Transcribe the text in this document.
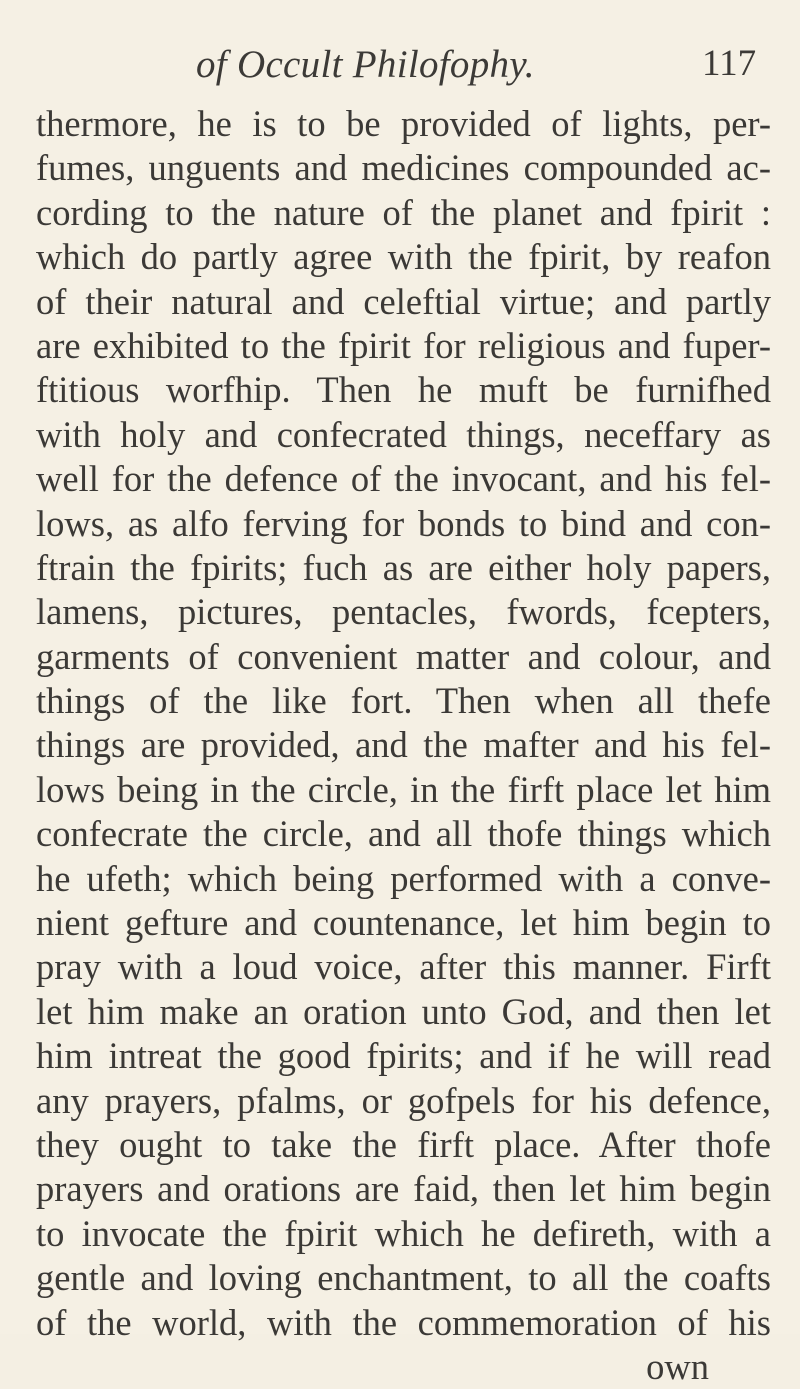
of Occult Philofophy.	117
thermore, he is to be provided of lights, per-
fumes, unguents and medicines compounded ac-
cording to the nature of the planet and fpirit :
which do partly agree with the fpirit, by reafon
of their natural and celeftial virtue; and partly
are exhibited to the fpirit for religious and fuper-
ftitious worfhip. Then he muft be furnifhed
with holy and confecrated things, neceffary as
well for the defence of the invocant, and his fel-
lows, as alfo ferving for bonds to bind and con-
ftrain the fpirits; fuch as are either holy papers,
lamens, pictures, pentacles, fwords, fcepters,
garments of convenient matter and colour, and
things of the like fort. Then when all thefe
things are provided, and the mafter and his fel-
lows being in the circle, in the firft place let him
confecrate the circle, and all thofe things which
he ufeth; which being performed with a conve-
nient gefture and countenance, let him begin to
pray with a loud voice, after this manner. Firft
let him make an oration unto God, and then let
him intreat the good fpirits; and if he will read
any prayers, pfalms, or gofpels for his defence,
they ought to take the firft place. After thofe
prayers and orations are faid, then let him begin
to invocate the fpirit which he defireth, with a
gentle and loving enchantment, to all the coafts
of the world, with the commemoration of his
own
